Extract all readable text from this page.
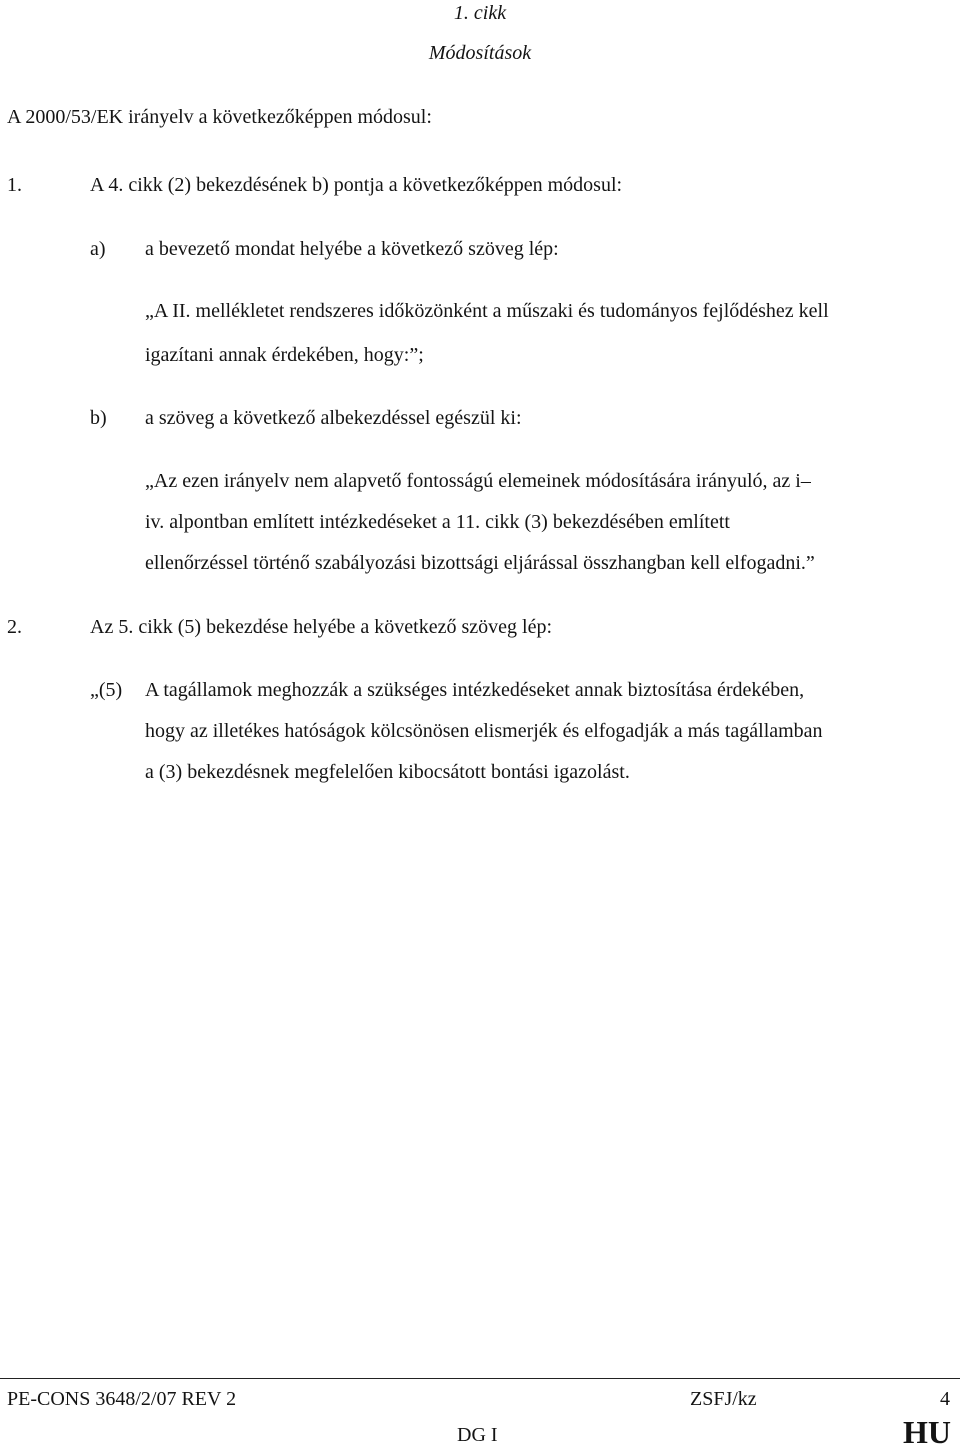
1. cikk
Módosítások
A 2000/53/EK irányelv a következőképpen módosul:
1.	A 4. cikk (2) bekezdésének b) pontja a következőképpen módosul:
a) a bevezető mondat helyébe a következő szöveg lép:
„A II. mellékletet rendszeres időközönként a műszaki és tudományos fejlődéshez kell
igazítani annak érdekében, hogy:”;
b) a szöveg a következő albekezdéssel egészül ki:
„Az ezen irányelv nem alapvető fontosságú elemeinek módosítására irányuló, az i–
iv. alpontban említett intézkedéseket a 11. cikk (3) bekezdésében említett
ellenőrzéssel történő szabályozási bizottsági eljárással összhangban kell elfogadni.”
2.	Az 5. cikk (5) bekezdése helyébe a következő szöveg lép:
„(5) A tagállamok meghozzák a szükséges intézkedéseket annak biztosítása érdekében,
hogy az illetékes hatóságok kölcsönösen elismerjék és elfogadják a más tagállamban
a (3) bekezdésnek megfelelően kibocsátott bontási igazolást.
PE-CONS 3648/2/07 REV 2	ZSFJ/kz	4
DG I	HU
